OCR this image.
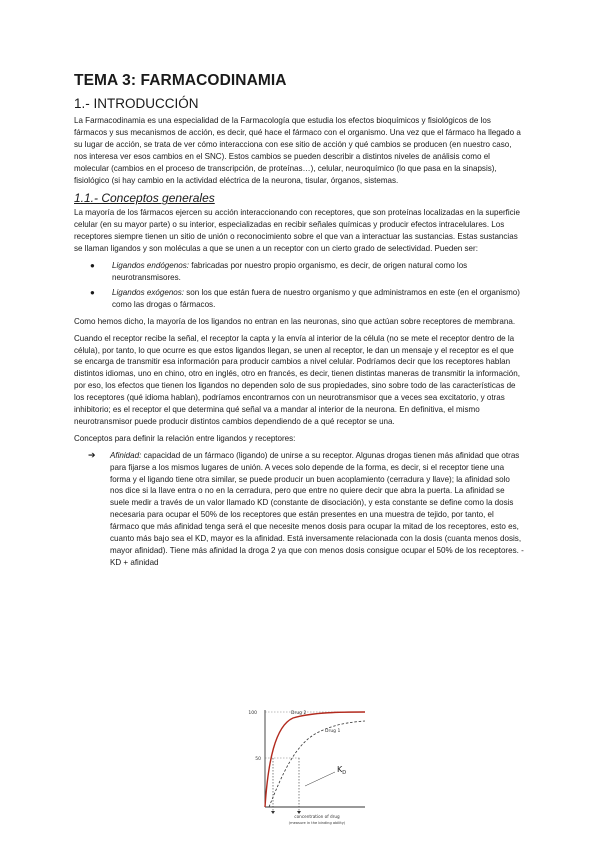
TEMA 3: FARMACODINAMIA
1.- INTRODUCCIÓN

La Farmacodinamia es una especialidad de la Farmacología que estudia los efectos bioquímicos y fisiológicos de los fármacos y sus mecanismos de acción, es decir, qué hace el fármaco con el organismo. Una vez que el fármaco ha llegado a su lugar de acción, se trata de ver cómo interacciona con ese sitio de acción y qué cambios se producen (en nuestro caso, nos interesa ver esos cambios en el SNC). Estos cambios se pueden describir a distintos niveles de análisis como el molecular (cambios en el proceso de transcripción, de proteínas…), celular, neuroquímico (lo que pasa en la sinapsis), fisiológico (si hay cambio en la actividad eléctrica de la neurona, tisular, órganos, sistemas.

1.1.- Conceptos generales

La mayoría de los fármacos ejercen su acción interaccionando con receptores, que son proteínas localizadas en la superficie celular (en su mayor parte) o su interior, especializadas en recibir señales químicas y producir efectos intracelulares. Los receptores siempre tienen un sitio de unión o reconocimiento sobre el que van a interactuar las sustancias. Estas sustancias se llaman ligandos y son moléculas a que se unen a un receptor con un cierto grado de selectividad. Pueden ser:

● Ligandos endógenos: fabricadas por nuestro propio organismo, es decir, de origen natural como los neurotransmisores.
● Ligandos exógenos: son los que están fuera de nuestro organismo y que administramos en este (en el organismo) como las drogas o fármacos.

Como hemos dicho, la mayoría de los ligandos no entran en las neuronas, sino que actúan sobre receptores de membrana.

Cuando el receptor recibe la señal, el receptor la capta y la envía al interior de la célula (no se mete el receptor dentro de la célula), por tanto, lo que ocurre es que estos ligandos llegan, se unen al receptor, le dan un mensaje y el receptor es el que se encarga de transmitir esa información para producir cambios a nivel celular. Podríamos decir que los receptores hablan distintos idiomas, uno en chino, otro en inglés, otro en francés, es decir, tienen distintas maneras de transmitir la información, por eso, los efectos que tienen los ligandos no dependen solo de sus propiedades, sino sobre todo de las características de los receptores (qué idioma hablan), podríamos encontrarnos con un neurotransmisor que a veces sea excitatorio, y otras inhibitorio; es el receptor el que determina qué señal va a mandar al interior de la neurona. En definitiva, el mismo neurotransmisor puede producir distintos cambios dependiendo de a qué receptor se una.

Conceptos para definir la relación entre ligandos y receptores:

➔ Afinidad: capacidad de un fármaco (ligando) de unirse a su receptor. Algunas drogas tienen más afinidad que otras para fijarse a los mismos lugares de unión. A veces solo depende de la forma, es decir, si el receptor tiene una forma y el ligando tiene otra similar, se puede producir un buen acoplamiento (cerradura y llave); la afinidad solo nos dice si la llave entra o no en la cerradura, pero que entre no quiere decir que abra la puerta. La afinidad se suele medir a través de un valor llamado KD (constante de disociación), y esta constante se define como la dosis necesaria para ocupar el 50% de los receptores que están presentes en una muestra de tejido, por tanto, el fármaco que más afinidad tenga será el que necesite menos dosis para ocupar la mitad de los receptores, esto es, cuanto más bajo sea el KD, mayor es la afinidad. Está inversamente relacionada con la dosis (cuanta menos dosis, mayor afinidad). Tiene más afinidad la droga 2 ya que con menos dosis consigue ocupar el 50% de los receptores. - KD + afinidad
100
50
Drug 2
Drug 1
$K_D$
concentration of drug
(measure in the binding ability)
